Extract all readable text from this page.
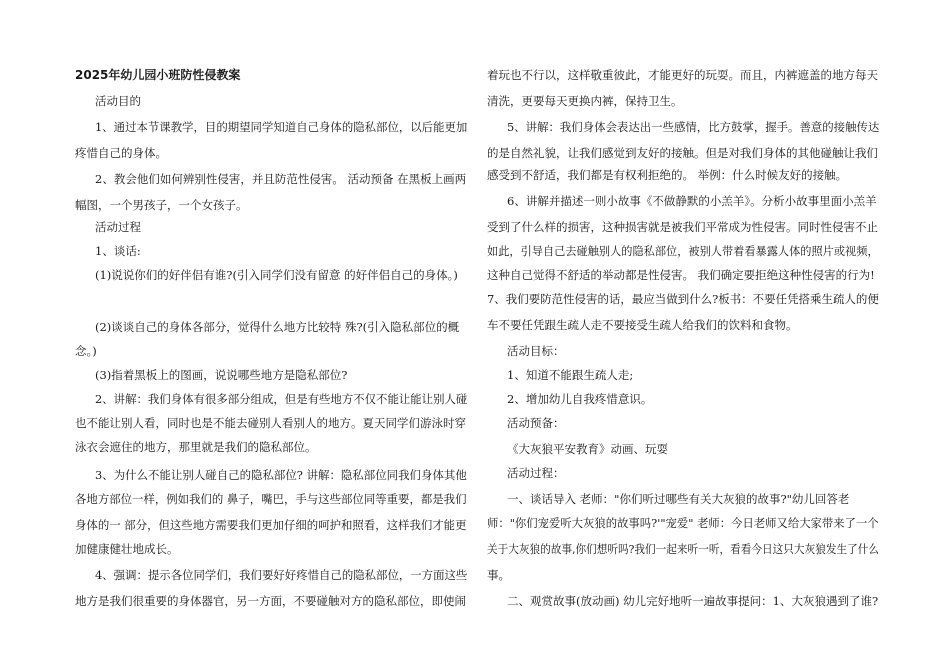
2025年幼儿园小班防性侵教案
活动目的
1、通过本节课教学，目的期望同学知道自己身体的隐私部位，以后能更加
疼惜自己的身体。
2、教会他们如何辨别性侵害，并且防范性侵害。 活动预备 在黑板上画两
幅图，一个男孩子，一个女孩子。
活动过程
1、谈话:
(1)说说你们的好伴侣有谁?(引入同学们没有留意 的好伴侣自己的身体。)
(2)谈谈自己的身体各部分，觉得什么地方比较特 殊?(引入隐私部位的概
念。)
(3)指着黑板上的图画，说说哪些地方是隐私部位?
2、讲解：我们身体有很多部分组成，但是有些地方不仅不能让能让别人碰
也不能让别人看，同时也是不能去碰别人看别人的地方。夏天同学们游泳时穿
泳衣会遮住的地方，那里就是我们的隐私部位。
3、为什么不能让别人碰自己的隐私部位? 讲解：隐私部位同我们身体其他
各地方部位一样，例如我们的 鼻子，嘴巴，手与这些部位同等重要，都是我们
身体的一 部分，但这些地方需要我们更加仔细的呵护和照看，这样我们才能更
加健康健壮地成长。
4、强调：提示各位同学们，我们要好好疼惜自己的隐私部位，一方面这些
地方是我们很重要的身体器官，另一方面，不要碰触对方的隐私部位，即使闹
着玩也不行以，这样敬重彼此，才能更好的玩耍。而且，内裤遮盖的地方每天
清洗，更要每天更换内裤，保持卫生。
5、讲解：我们身体会表达出一些感情，比方鼓掌，握手。善意的接触传达
的是自然礼貌，让我们感觉到友好的接触。但是对我们身体的其他碰触让我们
感受到不舒适，我们都是有权利拒绝的。 举例：什么时候友好的接触。
6、讲解并描述一则小故事《不做静默的小羔羊》。分析小故事里面小羔羊
受到了什么样的损害，这种损害就是被我们平常成为性侵害。同时性侵害不止
如此，引导自己去碰触别人的隐私部位，被别人带着看暴露人体的照片或视频，
这种自己觉得不舒适的举动都是性侵害。 我们确定要拒绝这种性侵害的行为!
7、我们要防范性侵害的话，最应当做到什么?板书：不要任凭搭乘生疏人的便
车不要任凭跟生疏人走不要接受生疏人给我们的饮料和食物。
活动目标：
1、知道不能跟生疏人走;
2、增加幼儿自我疼惜意识。
活动预备：
《大灰狼平安教育》动画、玩耍
活动过程：
一、谈话导入 老师："你们听过哪些有关大灰狼的故事?"幼儿回答老
师："你们宠爱听大灰狼的故事吗?'"宠爱" 老师：今日老师又给大家带来了一个
关于大灰狼的故事,你们想听吗?我们一起来听一听，看看今日这只大灰狼发生了什么
事。
二、观赏故事(放动画) 幼儿完好地听一遍故事提问：1、大灰狼遇到了谁?
